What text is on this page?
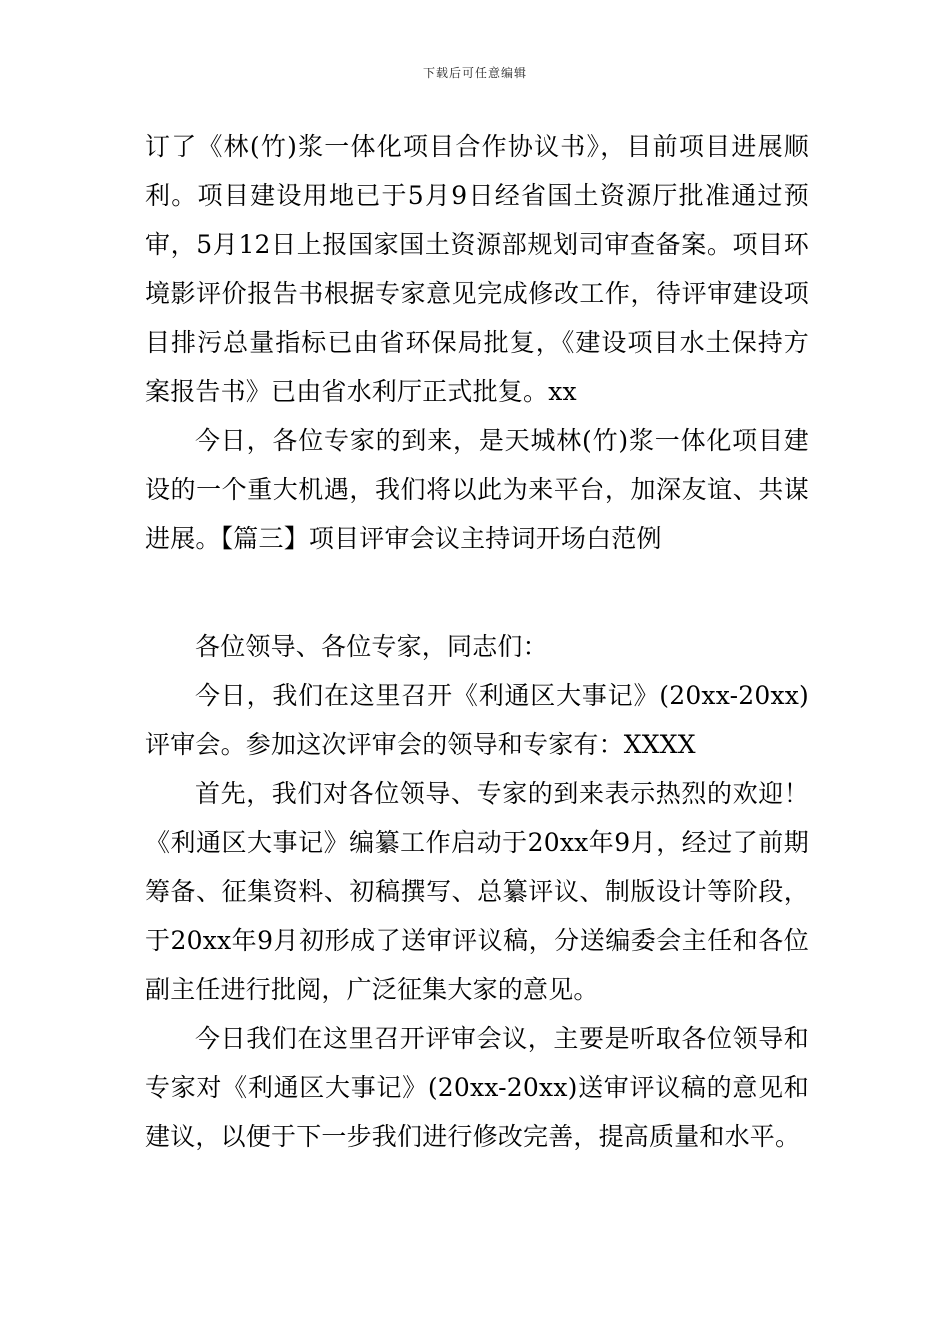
下载后可任意编辑

订了《林(竹)浆一体化项目合作协议书》，目前项目进展顺利。项目建设用地已于5月9日经省国土资源厅批准通过预审，5月12日上报国家国土资源部规划司审查备案。项目环境影评价报告书根据专家意见完成修改工作，待评审建设项目排污总量指标已由省环保局批复，《建设项目水土保持方案报告书》已由省水利厅正式批复。xx

今日，各位专家的到来，是天城林(竹)浆一体化项目建设的一个重大机遇，我们将以此为来平台，加深友谊、共谋进展。【篇三】项目评审会议主持词开场白范例

各位领导、各位专家，同志们：

今日，我们在这里召开《利通区大事记》(20xx-20xx)评审会。参加这次评审会的领导和专家有：XXXX

首先，我们对各位领导、专家的到来表示热烈的欢迎！《利通区大事记》编纂工作启动于20xx年9月，经过了前期筹备、征集资料、初稿撰写、总纂评议、制版设计等阶段，于20xx年9月初形成了送审评议稿，分送编委会主任和各位副主任进行批阅，广泛征集大家的意见。

今日我们在这里召开评审会议，主要是听取各位领导和专家对《利通区大事记》(20xx-20xx)送审评议稿的意见和建议，以便于下一步我们进行修改完善，提高质量和水平。
